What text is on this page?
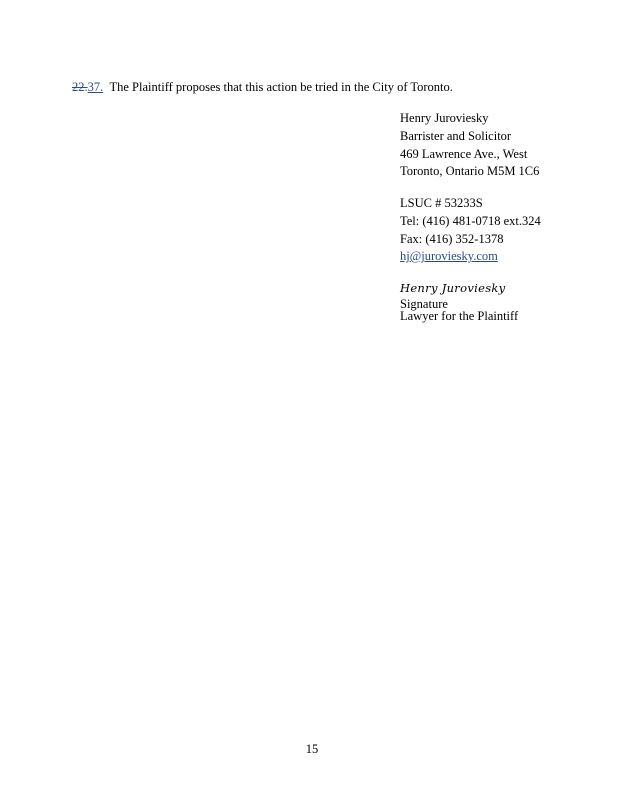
22.37. The Plaintiff proposes that this action be tried in the City of Toronto.

Henry Juroviesky
Barrister and Solicitor
469 Lawrence Ave., West
Toronto, Ontario M5M 1C6
LSUC # 53233S
Tel: (416) 481-0718 ext.324
Fax: (416) 352-1378
hj@juroviesky.com
Henry Juroviesky
Signature
Lawyer for the Plaintiff
15
